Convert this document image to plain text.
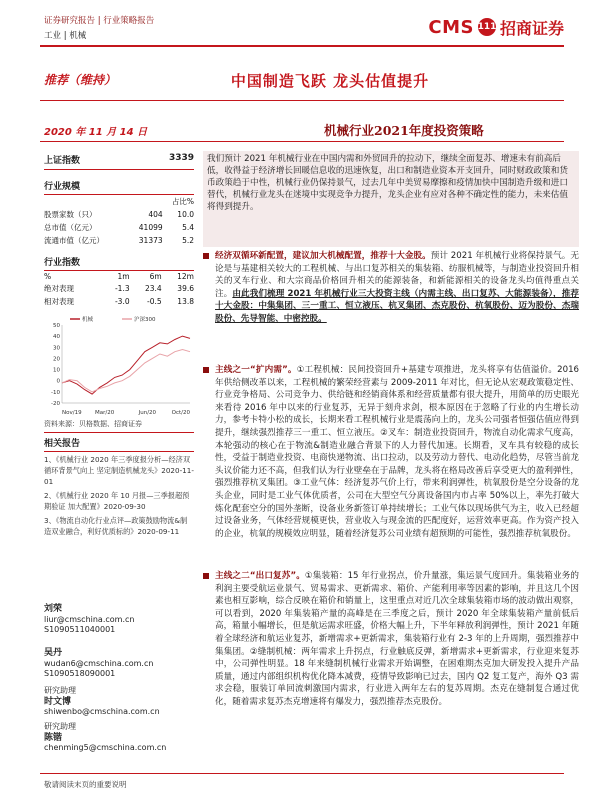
证券研究报告 | 行业策略报告
工业 | 机械	CMS 111 招商证券
推荐（维持）	中国制造飞跃 龙头估值提升
2020 年 11 月 14 日	机械行业2021年度投资策略
上证指数	3339
行业规模
		占比%
股票家数（只）	404	10.0
总市值（亿元）	41099	5.4
流通市值（亿元）	31373	5.2
行业指数
%	1m	6m	12m
绝对表现	-1.3	23.4	39.6
相对表现	-3.0	-0.5	13.8
50
40
30
20
10
0
-10
-20
Nov/19 Mar/20	Jun/20	Oct/20
机械	沪深300
资料来源：贝格数据、招商证券
相关报告
1、《机械行业 2020 年三季度报分析—经济双循环背景气向上 坚定制造机械龙头》2020-11-01
2、《机械行业 2020 年 10 月报—三季报超预期验证 加大配置》2020-09-30
3、《物流自动化行业点评—政策鼓励物流&制造双业融合，利好优质标的》2020-09-11
刘荣
liur@cmschina.com.cn
S1090511040001
吴丹
wudan6@cmschina.com.cn
S1090518090001
研究助理
时文博
shiwenbo@cmschina.com.cn
研究助理
陈锴
chenming5@cmschina.com.cn
我们预计 2021 年机械行业在中国内需和外贸回升的拉动下，继续全面复苏、增速未有前高后低，收得益于经济增长回暖信息收的迅速恢复，出口和制造业资本开支回升，同时财政政策和货币政策趋于中性，机械行业仍保持景气，过去几年中美贸易摩擦和疫情加快中国制造升级和进口替代，机械行业龙头在迷境中实现竞争力提升，龙头企业有应对各种不确定性的能力，未来估值将得到提升。
经济双循环新配置，建议加大机械配置，推荐十大金股。预计 2021 年机械行业将保持景气。无论是与基建相关较大的工程机械、与出口复苏相关的集装箱、纺服机械等，与制造业投资回升相关的叉车行业、和大宗商品价格回升相关的能源装备，和新能源相关的设备龙头均值得重点关注。由此我们梳理 2021 年机械行业三大投资主线（内需主线、出口复苏、大能源装备），推荐十大金股：中集集团、三一重工、恒立液压、杭叉集团、杰克股份、杭氧股份、迈为股份、杰瑞股份、先导智能、中密控股。
主线之一“扩内需”。①工程机械：民间投资回升+基建专项推进，龙头将享有估值溢价。2016 年供给侧改革以来，工程机械的繁荣经营素与 2009-2011 年对比，但无论从宏观政策稳定性、行业竞争格局、公司竞争力、供给链和经销商体系和经营质量都有很大提升，用简单的历史眼光来看待 2016 年中以来的行业复苏，无异于刻舟求剑，根本原因在于忽略了行业的内生增长动力，参考卡特小松的成长，长期来看工程机械行业是震荡向上的，龙头公司强者恒强估值应得到提升，继续强烈推荐三一重工、恒立液压。②叉车：制造业投资回升，物流自动化需求气度高，本轮强动的核心在于物流&制造业融合背景下的人力替代加速。长期看，叉车具有较稳的成长性，受益于制造业投资、电商快递物流、出口拉动，以及劳动力替代、电动化趋势，尽管当前龙头议价能力还不高，但我们认为行业壁垒在于品牌，龙头将在格局改善后享受更大的盈利弹性，强烈推荐杭叉集团。③工业气体：经济复苏气价上行，带来利润弹性，杭氧股份是空分设备的龙头企业，同时是工业气体优质者，公司在大型空气分离设备国内市占率 50%以上，率先打破大炼化配套空分的国外垄断，设备业务新签订单持续增长；工业气体以现场供气为主，收入已经超过设备业务，气体经营规模更快，营业收入与现金流的匹配度好，运营效率更高。作为资产投入的企业，杭氧的规模效应明显，随着经济复苏公司业绩有超预期的可能性，强烈推荐杭氧股份。
主线之二“出口复苏”。①集装箱：15 年行业拐点，价升量涨，集运景气度回升。集装箱业务的利润主要受航运业景气、贸易需求、更新需求、箱价、产能利用率等因素的影响，并且这几个因素也相互影响，综合反映在箱价和销量上，这里重点对近几次全球集装箱市场的波动做出观察，可以看到，2020 年集装箱产量的高峰是在三季度之后，预计 2020 年全球集装箱产量前低后高，箱量小幅增长，但是航运需求旺盛，价格大幅上升，下半年释放利润弹性，预计 2021 年随着全球经济和航运业复苏，新增需求+更新需求，集装箱行业有 2-3 年的上升周期，强烈推荐中集集团。②缝制机械：两年需求上升拐点，行业触底反弹，新增需求+更新需求，行业迎来复苏中，公司弹性明显。18 年来缝制机械行业需求开始调整，在困难期杰克加大研发投入提升产品质量，通过内部组织机构优化降本减费，疫情导致影响已过去，国内 Q2 复工复产，海外 Q3 需求会稳，服装订单回流刺激国内需求，行业进入两年左右的复苏周期。杰克在缝制复合通过优化，随着需求复苏杰克增速将有爆发力，强烈推荐杰克股份。
敬请阅读末页的重要说明
